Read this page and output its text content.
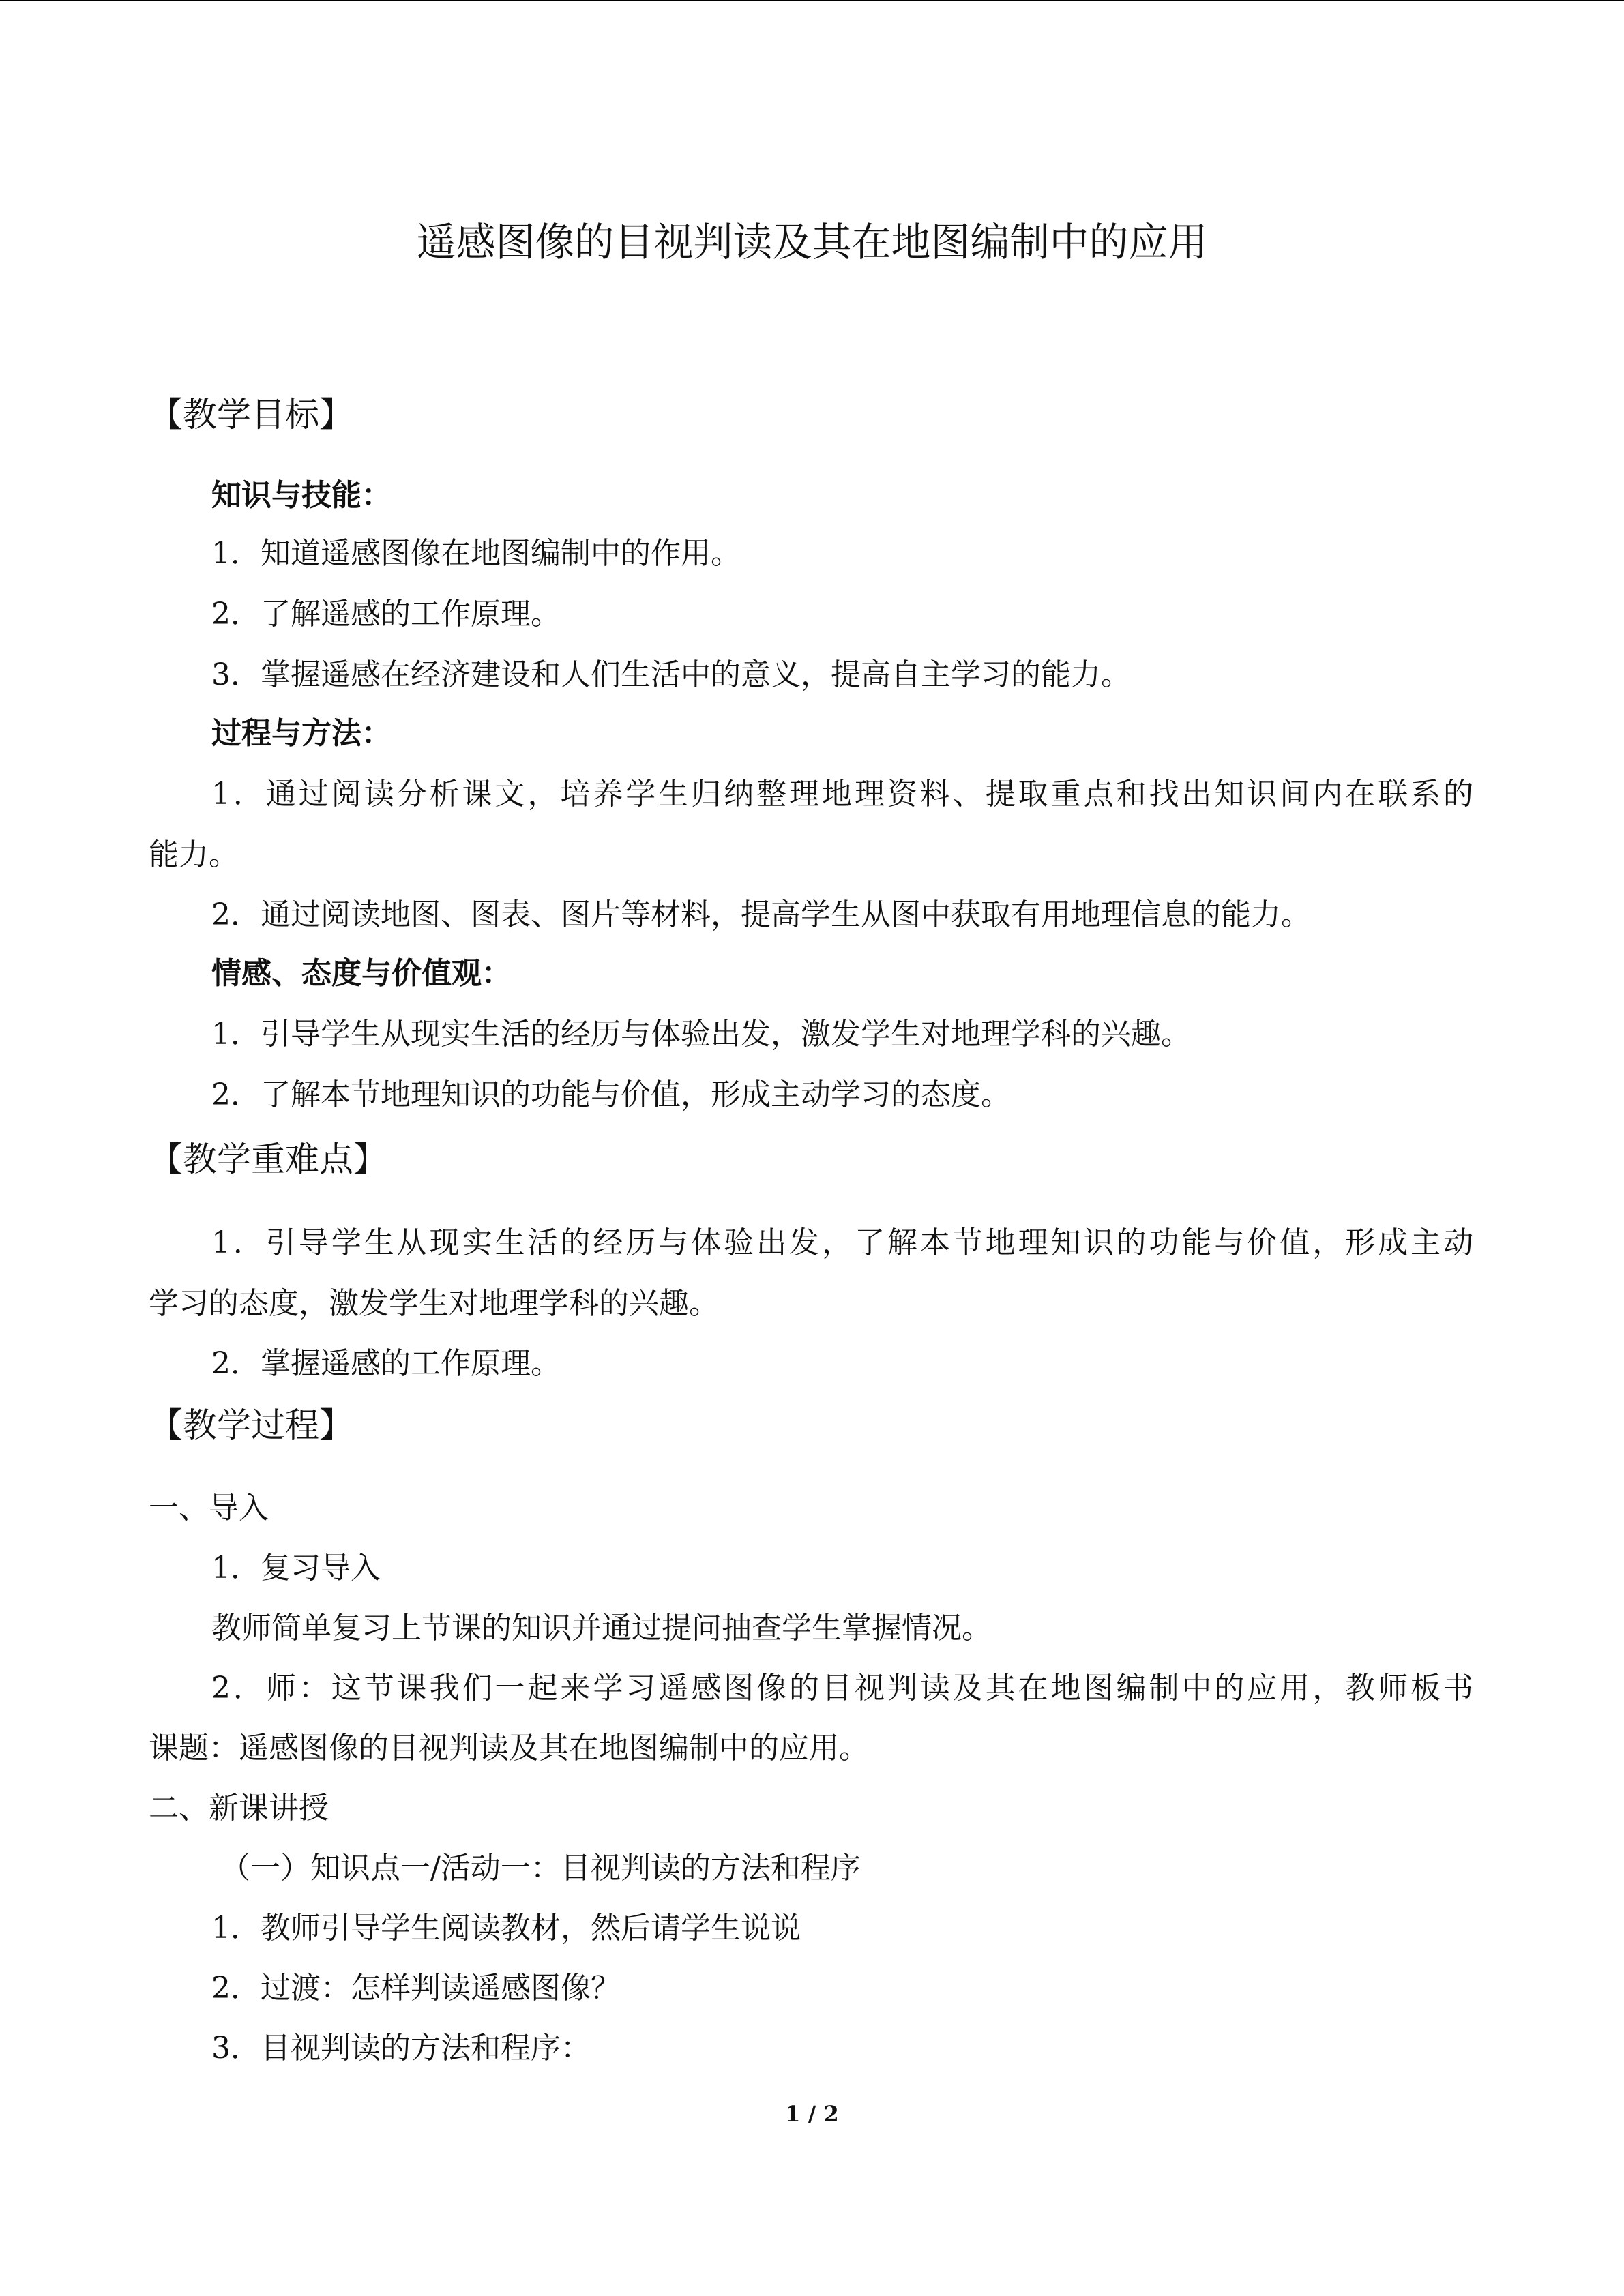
遥感图像的目视判读及其在地图编制中的应用
【教学目标】
知识与技能：
1．知道遥感图像在地图编制中的作用。
2．了解遥感的工作原理。
3．掌握遥感在经济建设和人们生活中的意义，提高自主学习的能力。
过程与方法：
1．通过阅读分析课文，培养学生归纳整理地理资料、提取重点和找出知识间内在联系的
能力。
2．通过阅读地图、图表、图片等材料，提高学生从图中获取有用地理信息的能力。
情感、态度与价值观：
1．引导学生从现实生活的经历与体验出发，激发学生对地理学科的兴趣。
2．了解本节地理知识的功能与价值，形成主动学习的态度。
【教学重难点】
1．引导学生从现实生活的经历与体验出发，了解本节地理知识的功能与价值，形成主动
学习的态度，激发学生对地理学科的兴趣。
2．掌握遥感的工作原理。
【教学过程】
一、导入
1．复习导入
教师简单复习上节课的知识并通过提问抽查学生掌握情况。
2．师：这节课我们一起来学习遥感图像的目视判读及其在地图编制中的应用，教师板书
课题：遥感图像的目视判读及其在地图编制中的应用。
二、新课讲授
（一）知识点一/活动一：目视判读的方法和程序
1．教师引导学生阅读教材，然后请学生说说
2．过渡：怎样判读遥感图像？
3．目视判读的方法和程序：
1 / 2
